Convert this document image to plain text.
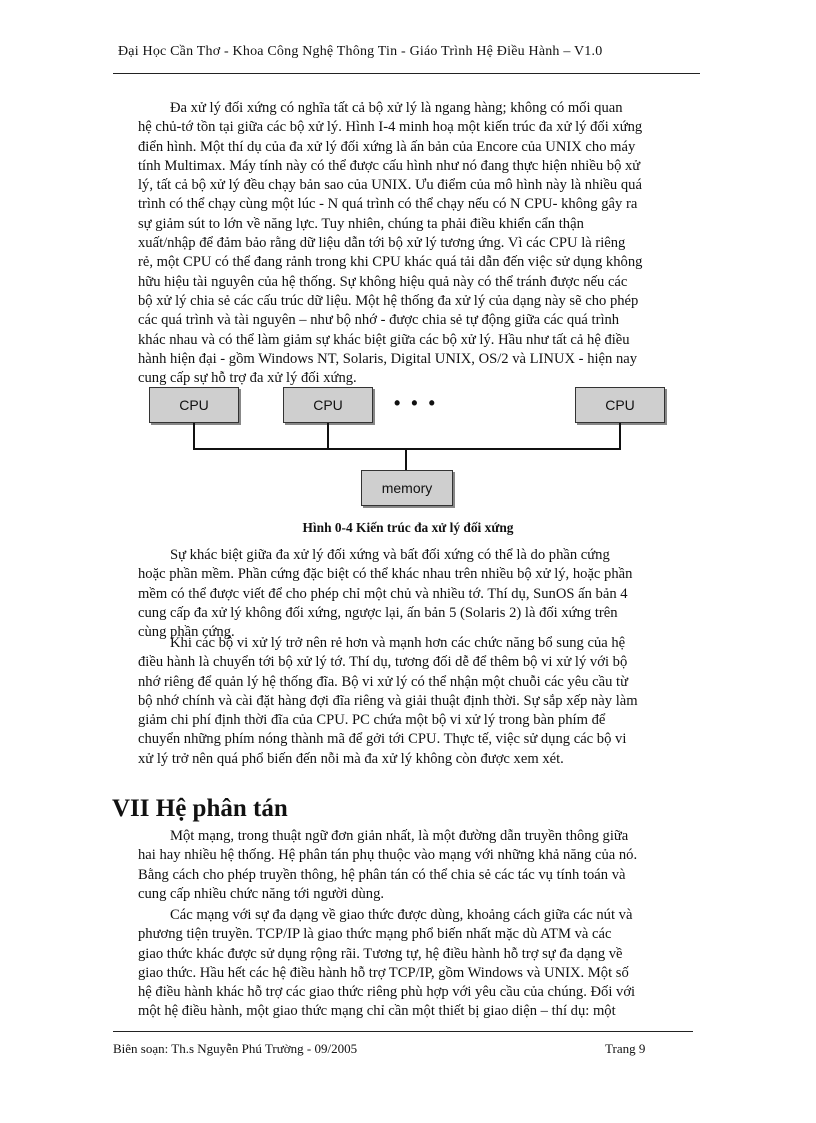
Đại Học Cần Thơ - Khoa Công Nghệ Thông Tin - Giáo Trình Hệ Điều Hành – V1.0
Đa xử lý đối xứng có nghĩa tất cả bộ xử lý là ngang hàng; không có mối quan
hệ chủ-tớ tồn tại giữa các bộ xử lý. Hình I-4 minh hoạ một kiến trúc đa xử lý đối xứng
điển hình. Một thí dụ của đa xử lý đối xứng là ấn bản của Encore của UNIX cho máy
tính Multimax. Máy tính này có thể được cấu hình như nó đang thực hiện nhiều bộ xử
lý, tất cả bộ xử lý đều chạy bản sao của UNIX. Ưu điểm của mô hình này là nhiều quá
trình có thể chạy cùng một lúc - N quá trình có thể chạy nếu có N CPU- không gây ra
sự giảm sút to lớn về năng lực. Tuy nhiên, chúng ta phải điều khiển cẩn thận
xuất/nhập để đảm bảo rằng dữ liệu dẫn tới bộ xử lý tương ứng. Vì các CPU là riêng
rẻ, một CPU có thể đang rảnh trong khi CPU khác quá tải dẫn đến việc sử dụng không
hữu hiệu tài nguyên của hệ thống. Sự không hiệu quả này có thể tránh được nếu các
bộ xử lý chia sẻ các cấu trúc dữ liệu. Một hệ thống đa xử lý của dạng này sẽ cho phép
các quá trình và tài nguyên – như bộ nhớ - được chia sẻ tự động giữa các quá trình
khác nhau và có thể làm giảm sự khác biệt giữa các bộ xử lý. Hầu như tất cả hệ điều
hành hiện đại - gồm Windows NT, Solaris, Digital UNIX, OS/2 và LINUX - hiện nay
cung cấp sự hỗ trợ đa xử lý đối xứng.
CPU	CPU	• • •	CPU
memory
Hình 0-4 Kiến trúc đa xử lý đối xứng
Sự khác biệt giữa đa xử lý đối xứng và bất đối xứng có thể là do phần cứng
hoặc phần mềm. Phần cứng đặc biệt có thể khác nhau trên nhiều bộ xử lý, hoặc phần
mềm có thể được viết để cho phép chỉ một chủ và nhiều tớ. Thí dụ, SunOS ấn bản 4
cung cấp đa xử lý không đối xứng, ngược lại, ấn bản 5 (Solaris 2) là đối xứng trên
cùng phần cứng.
Khi các bộ vi xử lý trở nên rẻ hơn và mạnh hơn các chức năng bổ sung của hệ
điều hành là chuyển tới bộ xử lý tớ. Thí dụ, tương đối dễ để thêm bộ vi xử lý với bộ
nhớ riêng để quản lý hệ thống đĩa. Bộ vi xử lý có thể nhận một chuỗi các yêu cầu từ
bộ nhớ chính và cài đặt hàng đợi đĩa riêng và giải thuật định thời. Sự sắp xếp này làm
giảm chi phí định thời đĩa của CPU. PC chứa một bộ vi xử lý trong bàn phím để
chuyển những phím nóng thành mã để gởi tới CPU. Thực tế, việc sử dụng các bộ vi
xử lý trở nên quá phổ biến đến nỗi mà đa xử lý không còn được xem xét.
VII Hệ phân tán
Một mạng, trong thuật ngữ đơn giản nhất, là một đường dẫn truyền thông giữa
hai hay nhiều hệ thống. Hệ phân tán phụ thuộc vào mạng với những khả năng của nó.
Bằng cách cho phép truyền thông, hệ phân tán có thể chia sẻ các tác vụ tính toán và
cung cấp nhiều chức năng tới người dùng.
Các mạng với sự đa dạng về giao thức được dùng, khoảng cách giữa các nút và
phương tiện truyền. TCP/IP là giao thức mạng phổ biến nhất mặc dù ATM và các
giao thức khác được sử dụng rộng rãi. Tương tự, hệ điều hành hỗ trợ sự đa dạng về
giao thức. Hầu hết các hệ điều hành hỗ trợ TCP/IP, gồm Windows và UNIX. Một số
hệ điều hành khác hỗ trợ các giao thức riêng phù hợp với yêu cầu của chúng. Đối với
một hệ điều hành, một giao thức mạng chỉ cần một thiết bị giao diện – thí dụ: một
Biên soạn: Th.s Nguyễn Phú Trường - 09/2005	Trang 9
